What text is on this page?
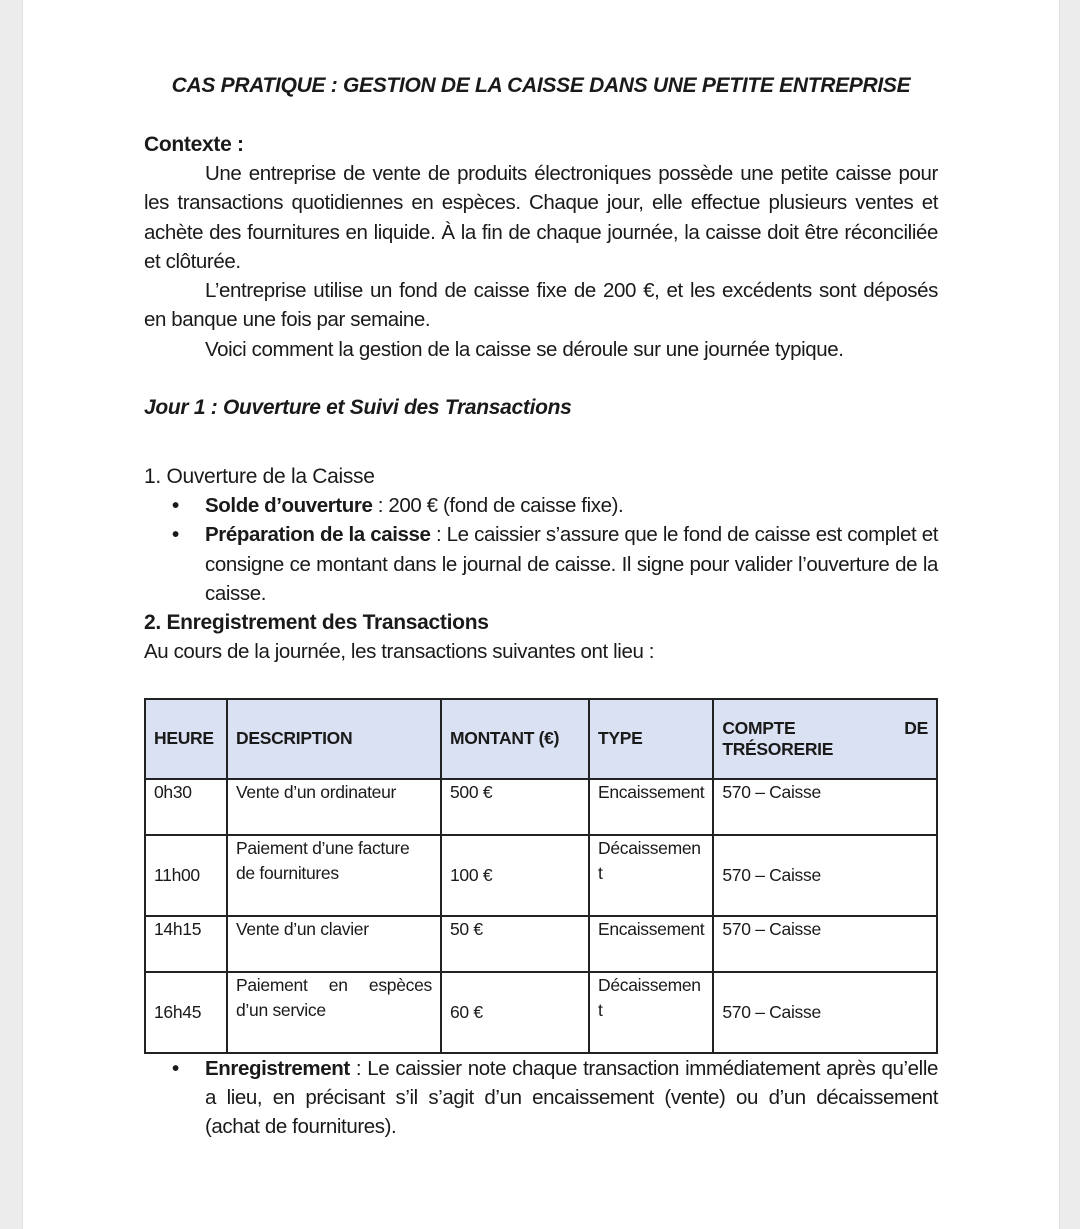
CAS PRATIQUE : GESTION DE LA CAISSE DANS UNE PETITE ENTREPRISE

Contexte :

Une entreprise de vente de produits électroniques possède une petite caisse pour les transactions quotidiennes en espèces. Chaque jour, elle effectue plusieurs ventes et achète des fournitures en liquide. À la fin de chaque journée, la caisse doit être réconciliée et clôturée.

L’entreprise utilise un fond de caisse fixe de 200 €, et les excédents sont déposés en banque une fois par semaine.

Voici comment la gestion de la caisse se déroule sur une journée typique.

Jour 1 : Ouverture et Suivi des Transactions

1. Ouverture de la Caisse

• Solde d’ouverture : 200 € (fond de caisse fixe).
• Préparation de la caisse : Le caissier s’assure que le fond de caisse est complet et consigne ce montant dans le journal de caisse. Il signe pour valider l’ouverture de la caisse.

2. Enregistrement des Transactions

Au cours de la journée, les transactions suivantes ont lieu :

HEURE	DESCRIPTION	MONTANT (€)	TYPE	COMPTE DE
TRÉSORERIE

0h30	Vente d’un ordinateur	500 €	Encaissement	570 – Caisse
11h00	Paiement d’une facture de fournitures	100 €	Décaissement	570 – Caisse
14h15	Vente d’un clavier	50 €	Encaissement	570 – Caisse
16h45	Paiement en espèces d’un service	60 €	Décaissement	570 – Caisse
• Enregistrement : Le caissier note chaque transaction immédiatement après qu’elle a lieu, en précisant s’il s’agit d’un encaissement (vente) ou d’un décaissement (achat de fournitures).
